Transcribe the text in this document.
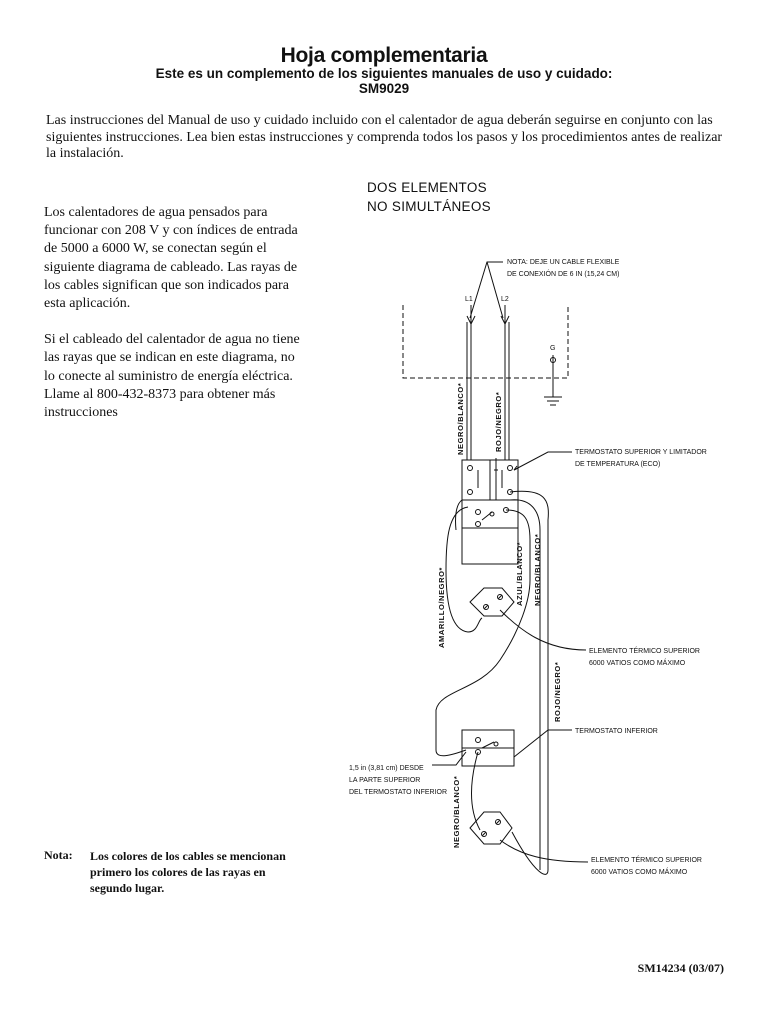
Hoja complementaria
Este es un complemento de los siguientes manuales de uso y cuidado:
SM9029
Las instrucciones del Manual de uso y cuidado incluido con el calentador de agua deberán seguirse en conjunto con las siguientes instrucciones. Lea bien estas instrucciones y comprenda todos los pasos y los procedimientos antes de realizar la instalación.

Los calentadores de agua pensados para funcionar con 208 V y con índices de entrada de 5000 a 6000 W, se conectan según el siguiente diagrama de cableado. Las rayas de los cables significan que son indicados para esta aplicación.

Si el cableado del calentador de agua no tiene las rayas que se indican en este diagrama, no lo conecte al suministro de energía eléctrica. Llame al 800-432-8373 para obtener más instrucciones

DOS ELEMENTOS
NO SIMULTÁNEOS
NOTA: DEJE UN CABLE FLEXIBLE
DE CONEXIÓN DE 6 IN (15,24 CM)
L1	L2
G
NEGRO/BLANCO*	ROJO/NEGRO*
TERMOSTATO SUPERIOR Y LIMITADOR
DE TEMPERATURA (ECO)
AMARILLO/NEGRO*	AZUL/BLANCO* NEGRO/BLANCO*
ELEMENTO TÉRMICO SUPERIOR
6000 VATIOS COMO MÁXIMO
ROJO/NEGRO*
TERMOSTATO INFERIOR
1,5 in (3,81 cm) DESDE
LA PARTE SUPERIOR
DEL TERMOSTATO INFERIOR NEGRO/BLANCO*
ELEMENTO TÉRMICO SUPERIOR
6000 VATIOS COMO MÁXIMO
Nota: Los colores de los cables se mencionan primero los colores de las rayas en segundo lugar.
SM14234 (03/07)
